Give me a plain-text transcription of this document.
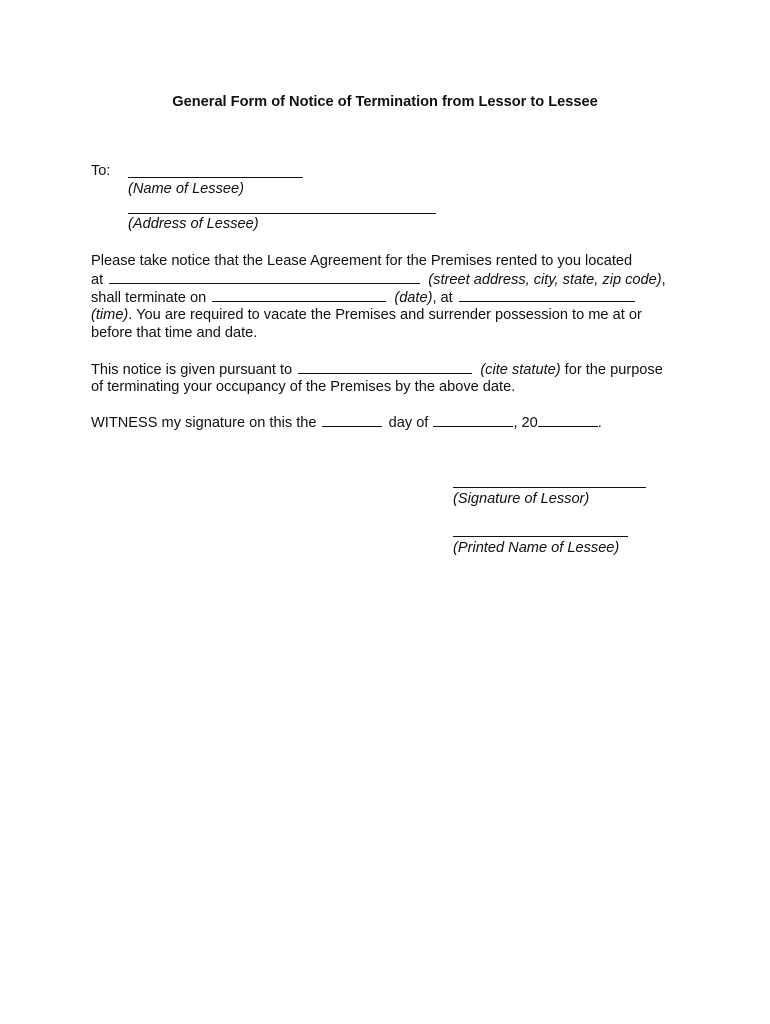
General Form of Notice of Termination from Lessor to Lessee
To:
(Name of Lessee)
(Address of Lessee)
Please take notice that the Lease Agreement for the Premises rented to you located
at	(street address, city, state, zip code),
shall terminate on	(date), at
(time). You are required to vacate the Premises and surrender possession to me at or
before that time and date.
This notice is given pursuant to	(cite statute) for the purpose
of terminating your occupancy of the Premises by the above date.
WITNESS my signature on this the	day of	, 20	.
(Signature of Lessor)
(Printed Name of Lessee)
